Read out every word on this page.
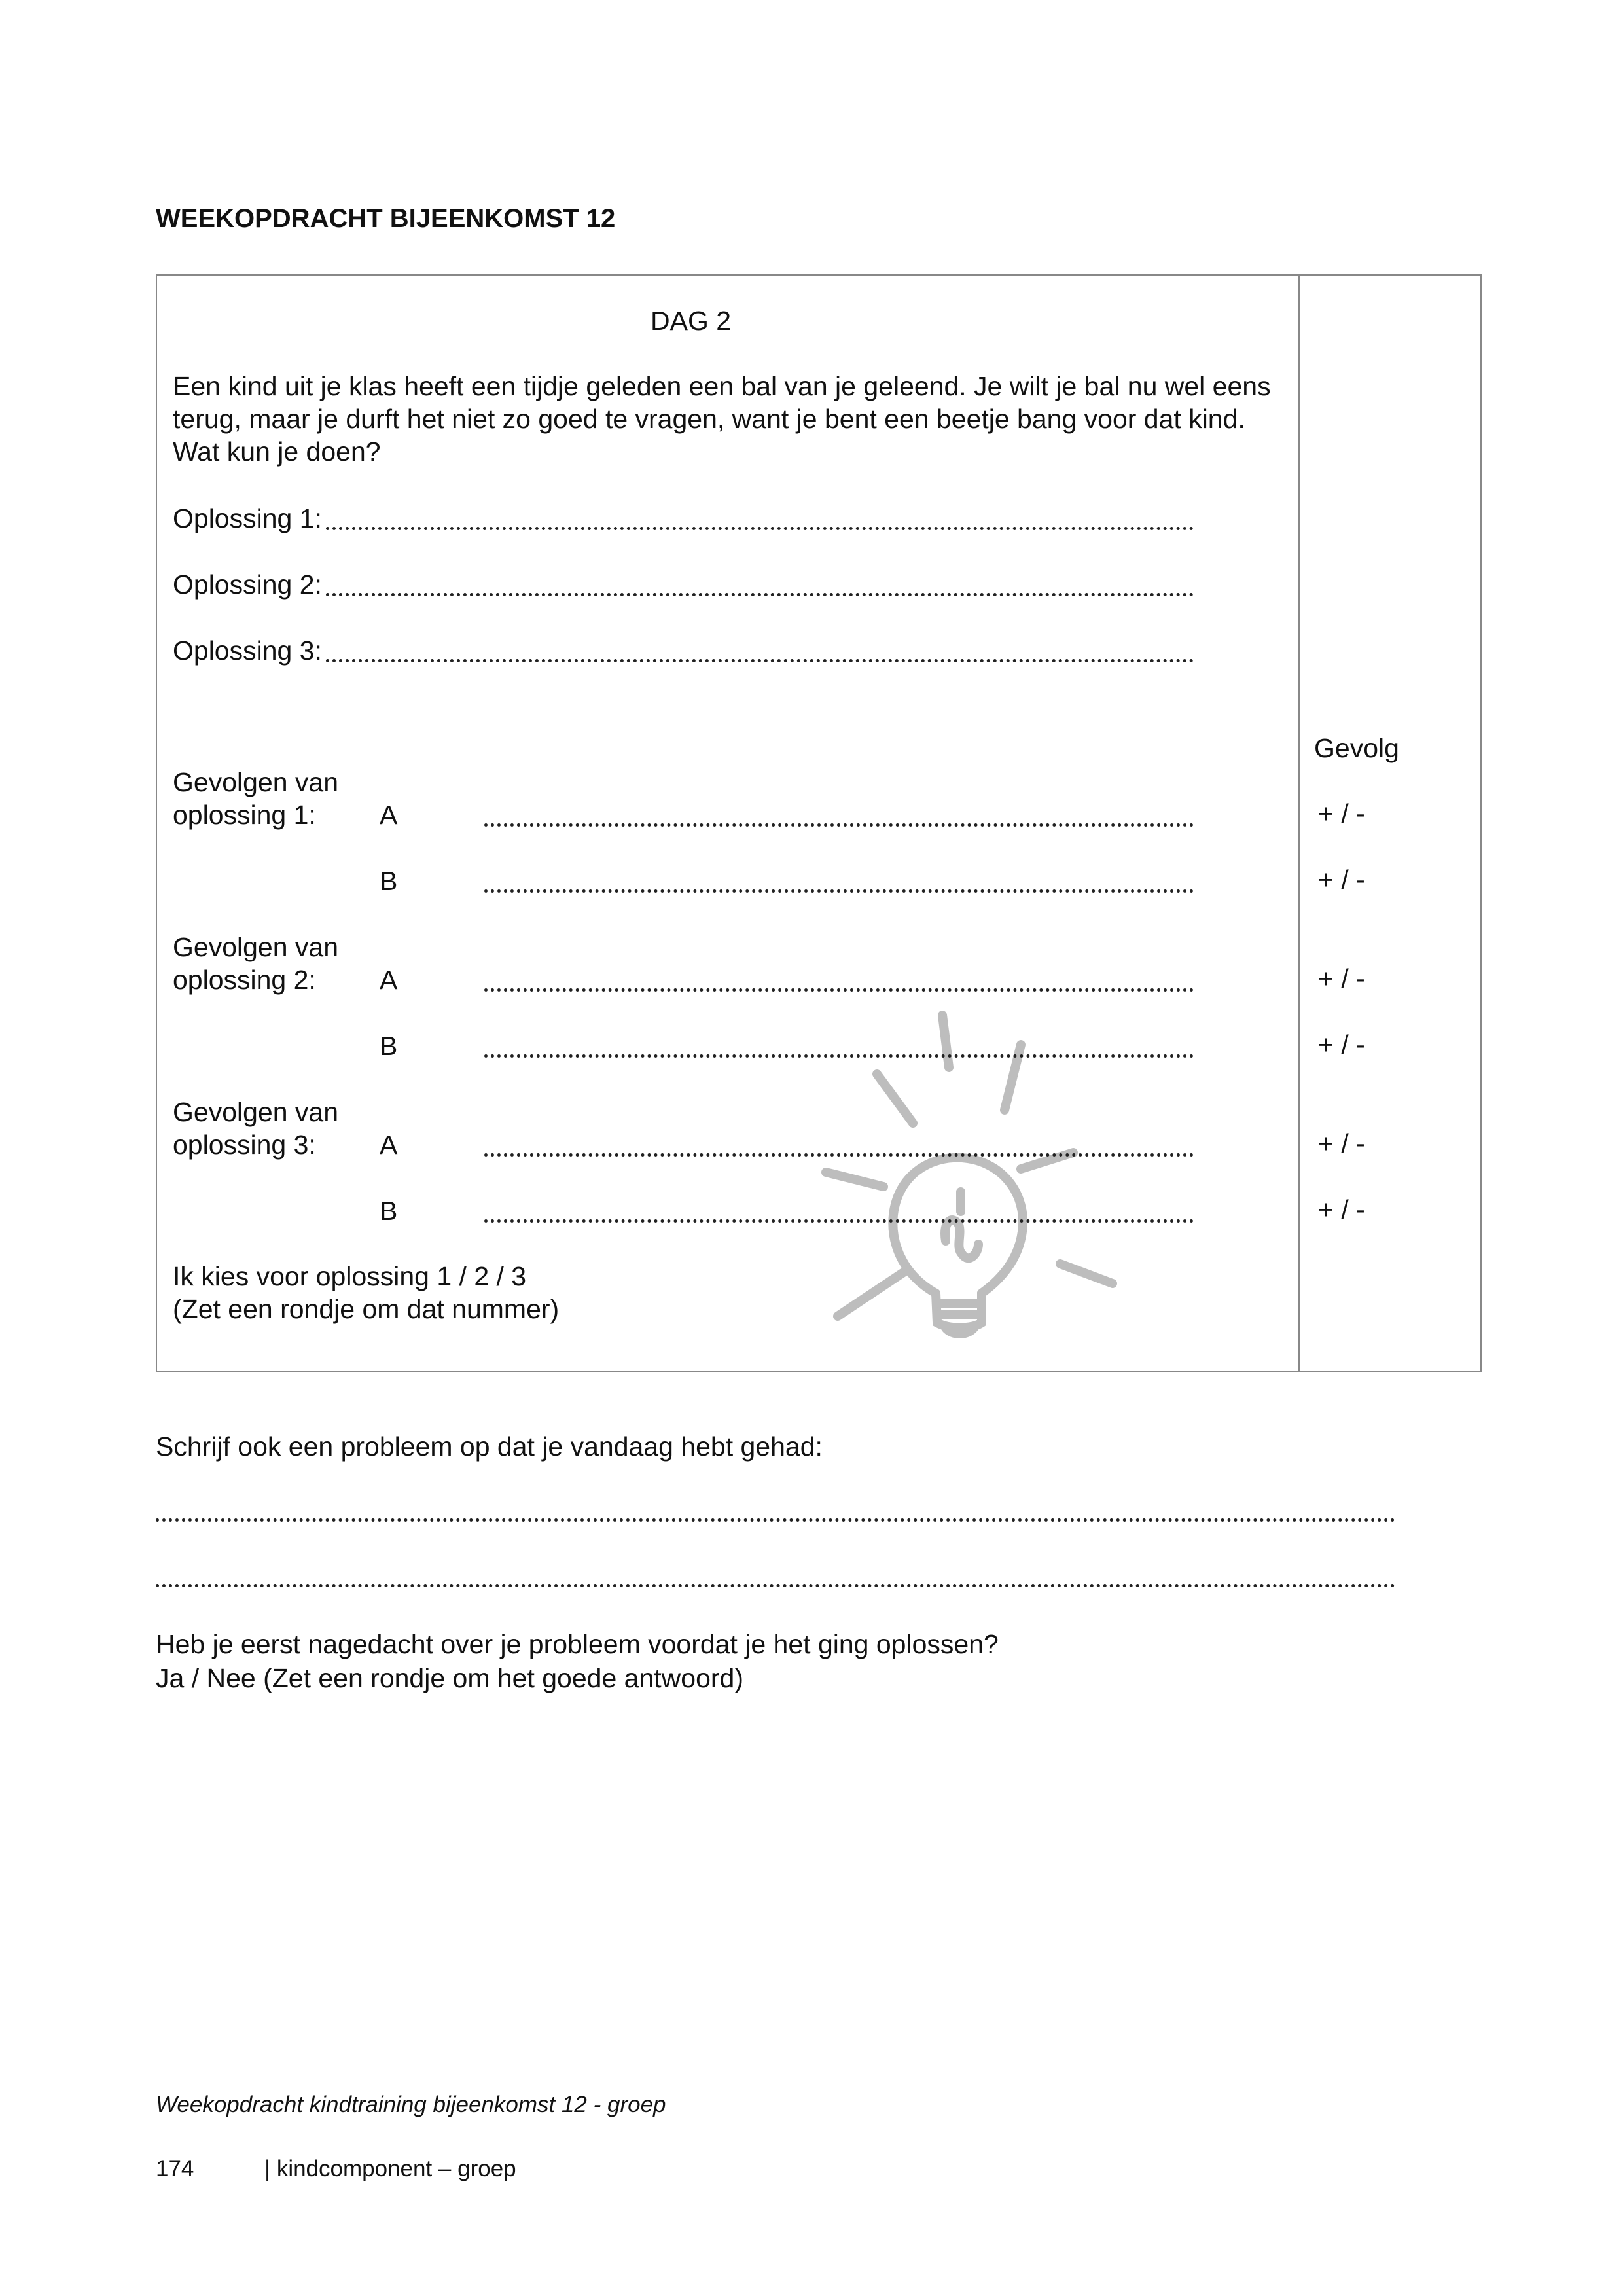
WEEKOPDRACHT BIJEENKOMST 12
DAG 2
Een kind uit je klas heeft een tijdje geleden een bal van je geleend. Je wilt je bal nu wel eens
terug, maar je durft het niet zo goed te vragen, want je bent een beetje bang voor dat kind.
Wat kun je doen?
Oplossing 1:
Oplossing 2:
Oplossing 3:
Gevolg
Gevolgen van
oplossing 1: A	+ / -
B	+ / -
Gevolgen van
oplossing 2: A	+ / -
B	+ / -
Gevolgen van
oplossing 3: A	+ / -
B	+ / -
Ik kies voor oplossing 1 / 2 / 3
(Zet een rondje om dat nummer)
Schrijf ook een probleem op dat je vandaag hebt gehad:
Heb je eerst nagedacht over je probleem voordat je het ging oplossen?
Ja / Nee (Zet een rondje om het goede antwoord)
Weekopdracht kindtraining bijeenkomst 12 - groep
174	| kindcomponent – groep
